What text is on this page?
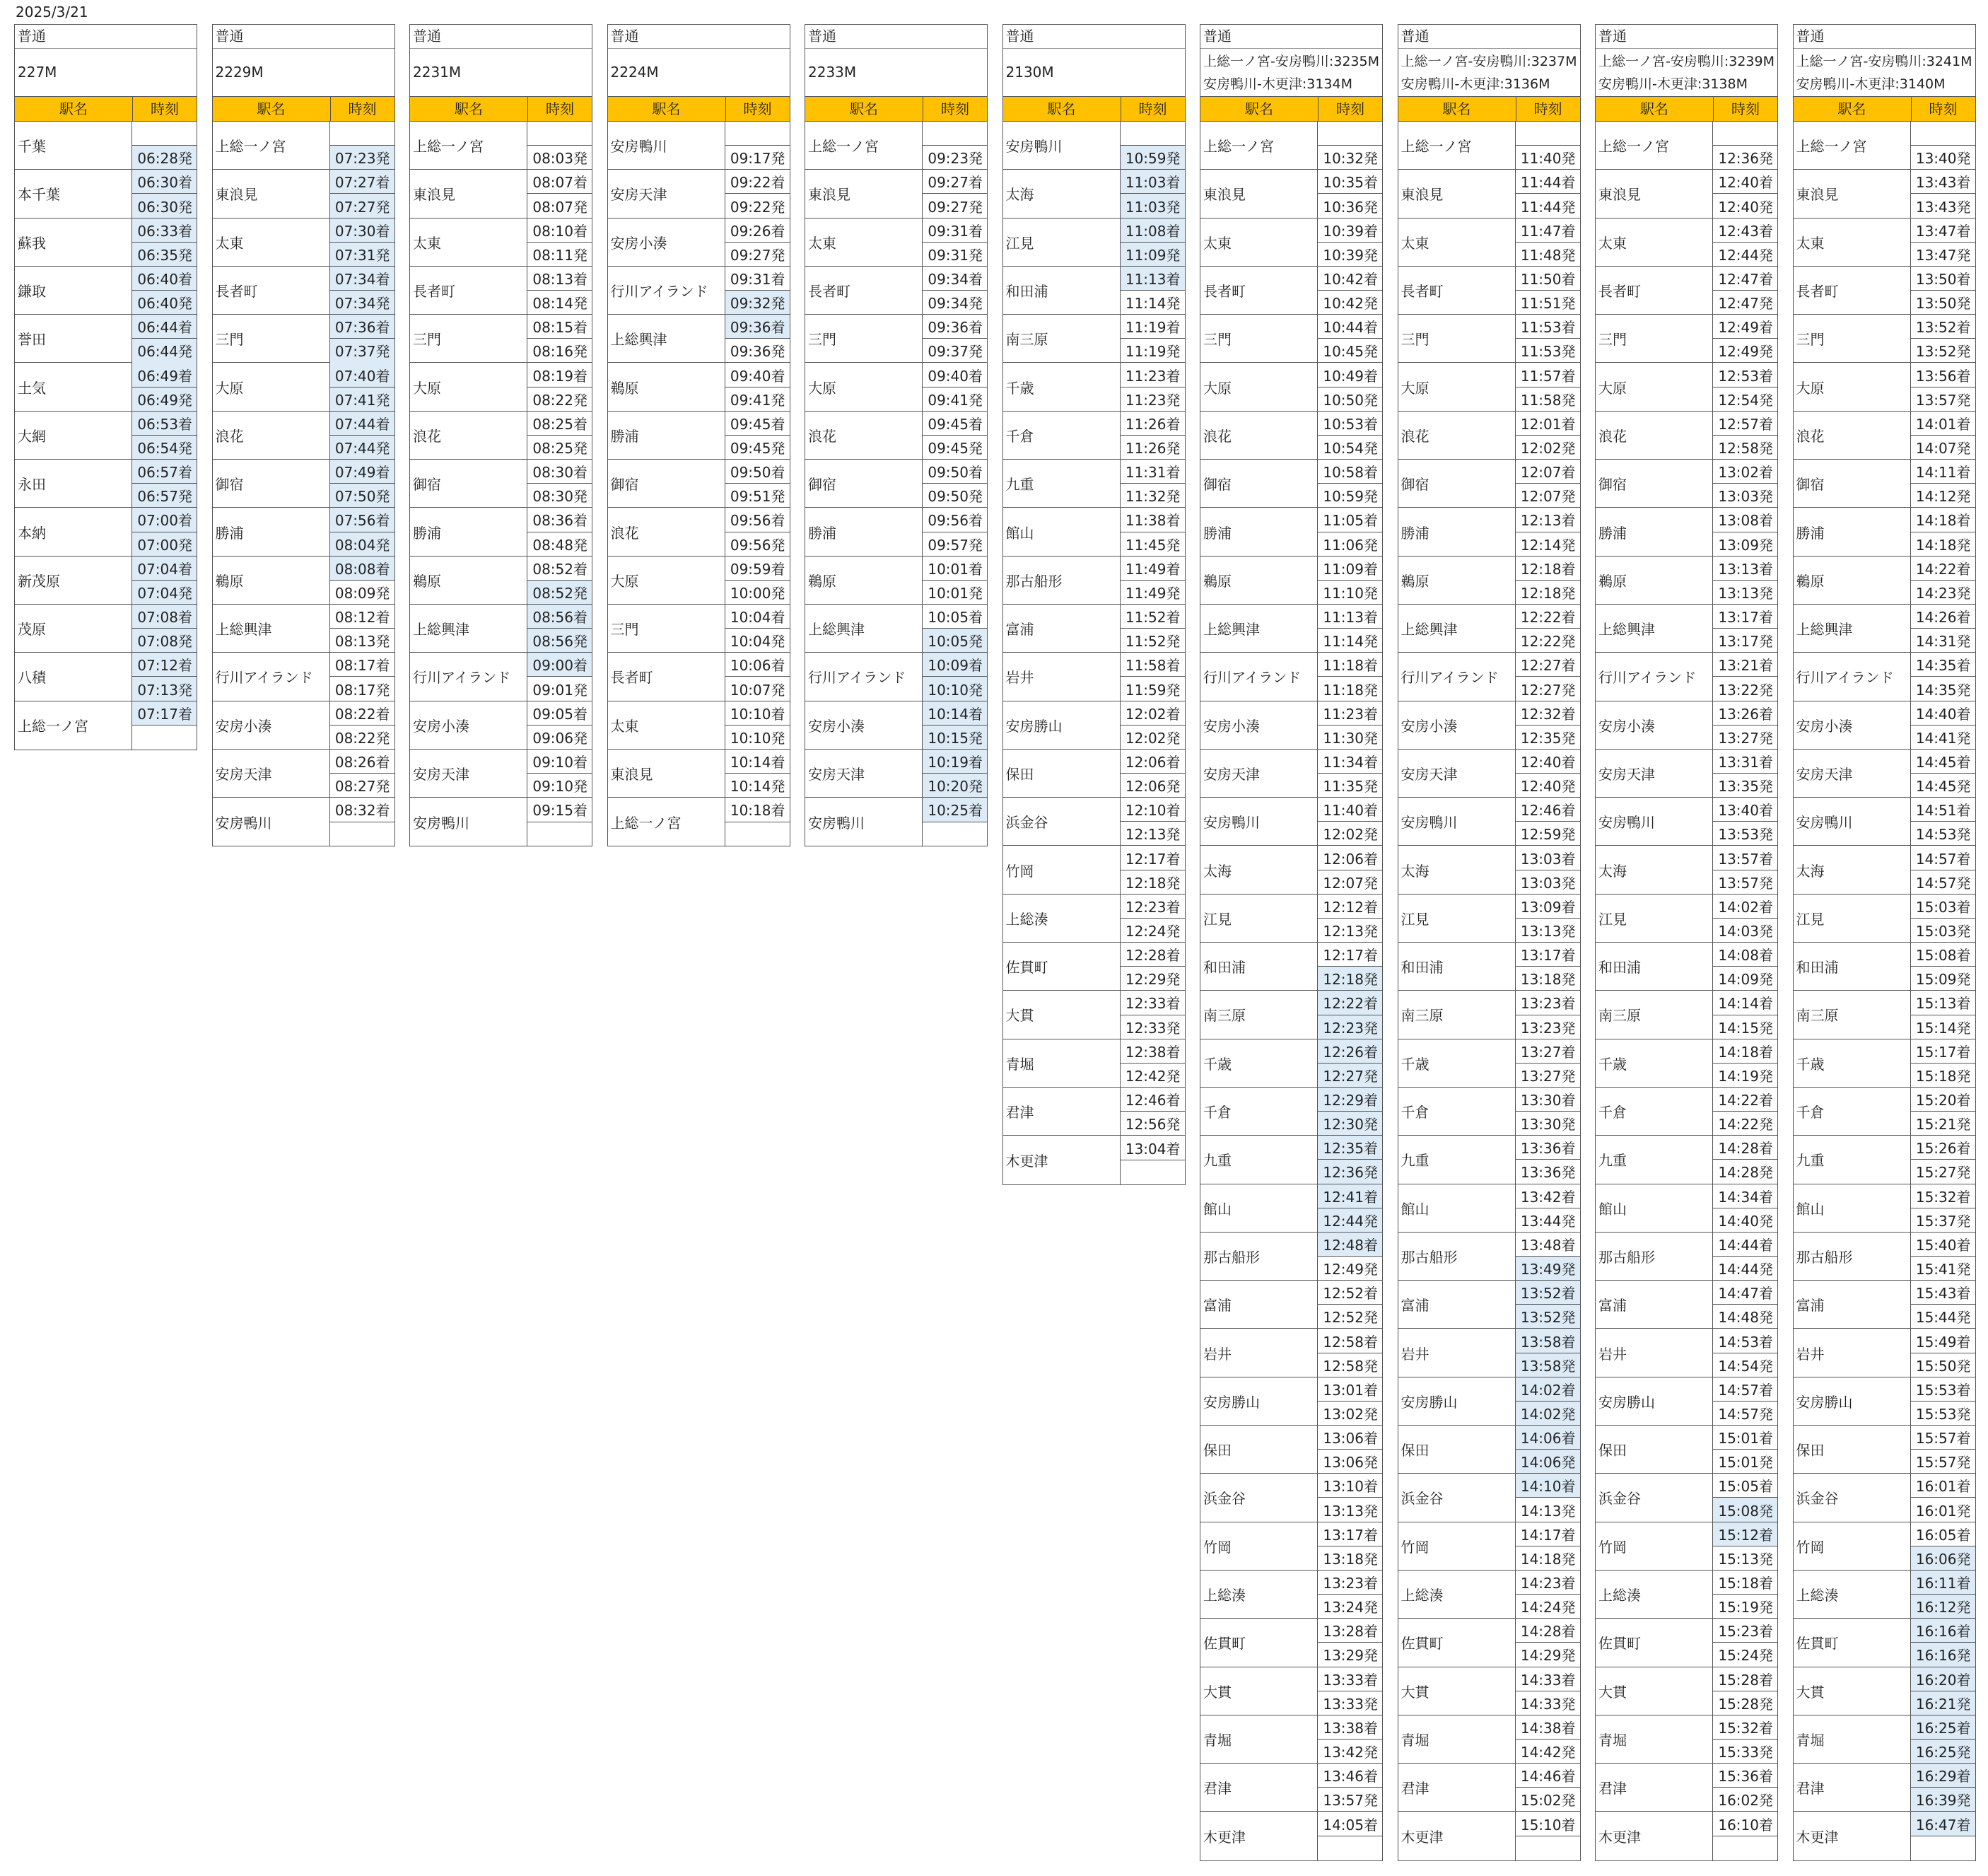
2025/3/21
普通
227M
駅名	時刻
千葉
06:28発
本千葉
06:30着
06:30発
蘇我
06:33着
06:35発
鎌取
06:40着
06:40発
誉田
06:44着
06:44発
土気
06:49着
06:49発
大網
06:53着
06:54発
永田
06:57着
06:57発
本納
07:00着
07:00発
新茂原
07:04着
07:04発
茂原
07:08着
07:08発
八積
07:12着
07:13発
上総一ノ宮
07:17着
普通
2229M
駅名	時刻
上総一ノ宮
07:23発
東浪見
07:27着
07:27発
太東
07:30着
07:31発
長者町
07:34着
07:34発
三門
07:36着
07:37発
大原
07:40着
07:41発
浪花
07:44着
07:44発
御宿
07:49着
07:50発
勝浦
07:56着
08:04発
鵜原
08:08着
08:09発
上総興津
08:12着
08:13発
行川アイランド
08:17着
08:17発
安房小湊
08:22着
08:22発
安房天津
08:26着
08:27発
安房鴨川
08:32着
普通
2231M
駅名	時刻
上総一ノ宮
08:03発
東浪見
08:07着
08:07発
太東
08:10着
08:11発
長者町
08:13着
08:14発
三門
08:15着
08:16発
大原
08:19着
08:22発
浪花
08:25着
08:25発
御宿
08:30着
08:30発
勝浦
08:36着
08:48発
鵜原
08:52着
08:52発
上総興津
08:56着
08:56発
行川アイランド
09:00着
09:01発
安房小湊
09:05着
09:06発
安房天津
09:10着
09:10発
安房鴨川
09:15着
普通
2224M
駅名	時刻
安房鴨川
09:17発
安房天津
09:22着
09:22発
安房小湊
09:26着
09:27発
行川アイランド
09:31着
09:32発
上総興津
09:36着
09:36発
鵜原
09:40着
09:41発
勝浦
09:45着
09:45発
御宿
09:50着
09:51発
浪花
09:56着
09:56発
大原
09:59着
10:00発
三門
10:04着
10:04発
長者町
10:06着
10:07発
太東
10:10着
10:10発
東浪見
10:14着
10:14発
上総一ノ宮
10:18着
普通
2233M
駅名	時刻
上総一ノ宮
09:23発
東浪見
09:27着
09:27発
太東
09:31着
09:31発
長者町
09:34着
09:34発
三門
09:36着
09:37発
大原
09:40着
09:41発
浪花
09:45着
09:45発
御宿
09:50着
09:50発
勝浦
09:56着
09:57発
鵜原
10:01着
10:01発
上総興津
10:05着
10:05発
行川アイランド
10:09着
10:10発
安房小湊
10:14着
10:15発
安房天津
10:19着
10:20発
安房鴨川
10:25着
普通
2130M
駅名	時刻
安房鴨川
10:59発
太海
11:03着
11:03発
江見
11:08着
11:09発
和田浦
11:13着
11:14発
南三原
11:19着
11:19発
千歳
11:23着
11:23発
千倉
11:26着
11:26発
九重
11:31着
11:32発
館山
11:38着
11:45発
那古船形
11:49着
11:49発
富浦
11:52着
11:52発
岩井
11:58着
11:59発
安房勝山
12:02着
12:02発
保田
12:06着
12:06発
浜金谷
12:10着
12:13発
竹岡
12:17着
12:18発
上総湊
12:23着
12:24発
佐貫町
12:28着
12:29発
大貫
12:33着
12:33発
青堀
12:38着
12:42発
君津
12:46着
12:56発
木更津
13:04着
普通
上総一ノ宮-安房鴨川:3235M
安房鴨川-木更津:3134M
駅名	時刻
上総一ノ宮
10:32発
東浪見
10:35着
10:36発
太東
10:39着
10:39発
長者町
10:42着
10:42発
三門
10:44着
10:45発
大原
10:49着
10:50発
浪花
10:53着
10:54発
御宿
10:58着
10:59発
勝浦
11:05着
11:06発
鵜原
11:09着
11:10発
上総興津
11:13着
11:14発
行川アイランド
11:18着
11:18発
安房小湊
11:23着
11:30発
安房天津
11:34着
11:35発
安房鴨川
11:40着
12:02発
太海
12:06着
12:07発
江見
12:12着
12:13発
和田浦
12:17着
12:18発
南三原
12:22着
12:23発
千歳
12:26着
12:27発
千倉
12:29着
12:30発
九重
12:35着
12:36発
館山
12:41着
12:44発
那古船形
12:48着
12:49発
富浦
12:52着
12:52発
岩井
12:58着
12:58発
安房勝山
13:01着
13:02発
保田
13:06着
13:06発
浜金谷
13:10着
13:13発
竹岡
13:17着
13:18発
上総湊
13:23着
13:24発
佐貫町
13:28着
13:29発
大貫
13:33着
13:33発
青堀
13:38着
13:42発
君津
13:46着
13:57発
木更津
14:05着
普通
上総一ノ宮-安房鴨川:3237M
安房鴨川-木更津:3136M
駅名	時刻
上総一ノ宮
11:40発
東浪見
11:44着
11:44発
太東
11:47着
11:48発
長者町
11:50着
11:51発
三門
11:53着
11:53発
大原
11:57着
11:58発
浪花
12:01着
12:02発
御宿
12:07着
12:07発
勝浦
12:13着
12:14発
鵜原
12:18着
12:18発
上総興津
12:22着
12:22発
行川アイランド
12:27着
12:27発
安房小湊
12:32着
12:35発
安房天津
12:40着
12:40発
安房鴨川
12:46着
12:59発
太海
13:03着
13:03発
江見
13:09着
13:13発
和田浦
13:17着
13:18発
南三原
13:23着
13:23発
千歳
13:27着
13:27発
千倉
13:30着
13:30発
九重
13:36着
13:36発
館山
13:42着
13:44発
那古船形
13:48着
13:49発
富浦
13:52着
13:52発
岩井
13:58着
13:58発
安房勝山
14:02着
14:02発
保田
14:06着
14:06発
浜金谷
14:10着
14:13発
竹岡
14:17着
14:18発
上総湊
14:23着
14:24発
佐貫町
14:28着
14:29発
大貫
14:33着
14:33発
青堀
14:38着
14:42発
君津
14:46着
15:02発
木更津
15:10着
普通
上総一ノ宮-安房鴨川:3239M
安房鴨川-木更津:3138M
駅名	時刻
上総一ノ宮
12:36発
東浪見
12:40着
12:40発
太東
12:43着
12:44発
長者町
12:47着
12:47発
三門
12:49着
12:49発
大原
12:53着
12:54発
浪花
12:57着
12:58発
御宿
13:02着
13:03発
勝浦
13:08着
13:09発
鵜原
13:13着
13:13発
上総興津
13:17着
13:17発
行川アイランド
13:21着
13:22発
安房小湊
13:26着
13:27発
安房天津
13:31着
13:35発
安房鴨川
13:40着
13:53発
太海
13:57着
13:57発
江見
14:02着
14:03発
和田浦
14:08着
14:09発
南三原
14:14着
14:15発
千歳
14:18着
14:19発
千倉
14:22着
14:22発
九重
14:28着
14:28発
館山
14:34着
14:40発
那古船形
14:44着
14:44発
富浦
14:47着
14:48発
岩井
14:53着
14:54発
安房勝山
14:57着
14:57発
保田
15:01着
15:01発
浜金谷
15:05着
15:08発
竹岡
15:12着
15:13発
上総湊
15:18着
15:19発
佐貫町
15:23着
15:24発
大貫
15:28着
15:28発
青堀
15:32着
15:33発
君津
15:36着
16:02発
木更津
16:10着
普通
上総一ノ宮-安房鴨川:3241M
安房鴨川-木更津:3140M
駅名	時刻
上総一ノ宮
13:40発
東浪見
13:43着
13:43発
太東
13:47着
13:47発
長者町
13:50着
13:50発
三門
13:52着
13:52発
大原
13:56着
13:57発
浪花
14:01着
14:07発
御宿
14:11着
14:12発
勝浦
14:18着
14:18発
鵜原
14:22着
14:23発
上総興津
14:26着
14:31発
行川アイランド
14:35着
14:35発
安房小湊
14:40着
14:41発
安房天津
14:45着
14:45発
安房鴨川
14:51着
14:53発
太海
14:57着
14:57発
江見
15:03着
15:03発
和田浦
15:08着
15:09発
南三原
15:13着
15:14発
千歳
15:17着
15:18発
千倉
15:20着
15:21発
九重
15:26着
15:27発
館山
15:32着
15:37発
那古船形
15:40着
15:41発
富浦
15:43着
15:44発
岩井
15:49着
15:50発
安房勝山
15:53着
15:53発
保田
15:57着
15:57発
浜金谷
16:01着
16:01発
竹岡
16:05着
16:06発
上総湊
16:11着
16:12発
佐貫町
16:16着
16:16発
大貫
16:20着
16:21発
青堀
16:25着
16:25発
君津
16:29着
16:39発
木更津
16:47着
